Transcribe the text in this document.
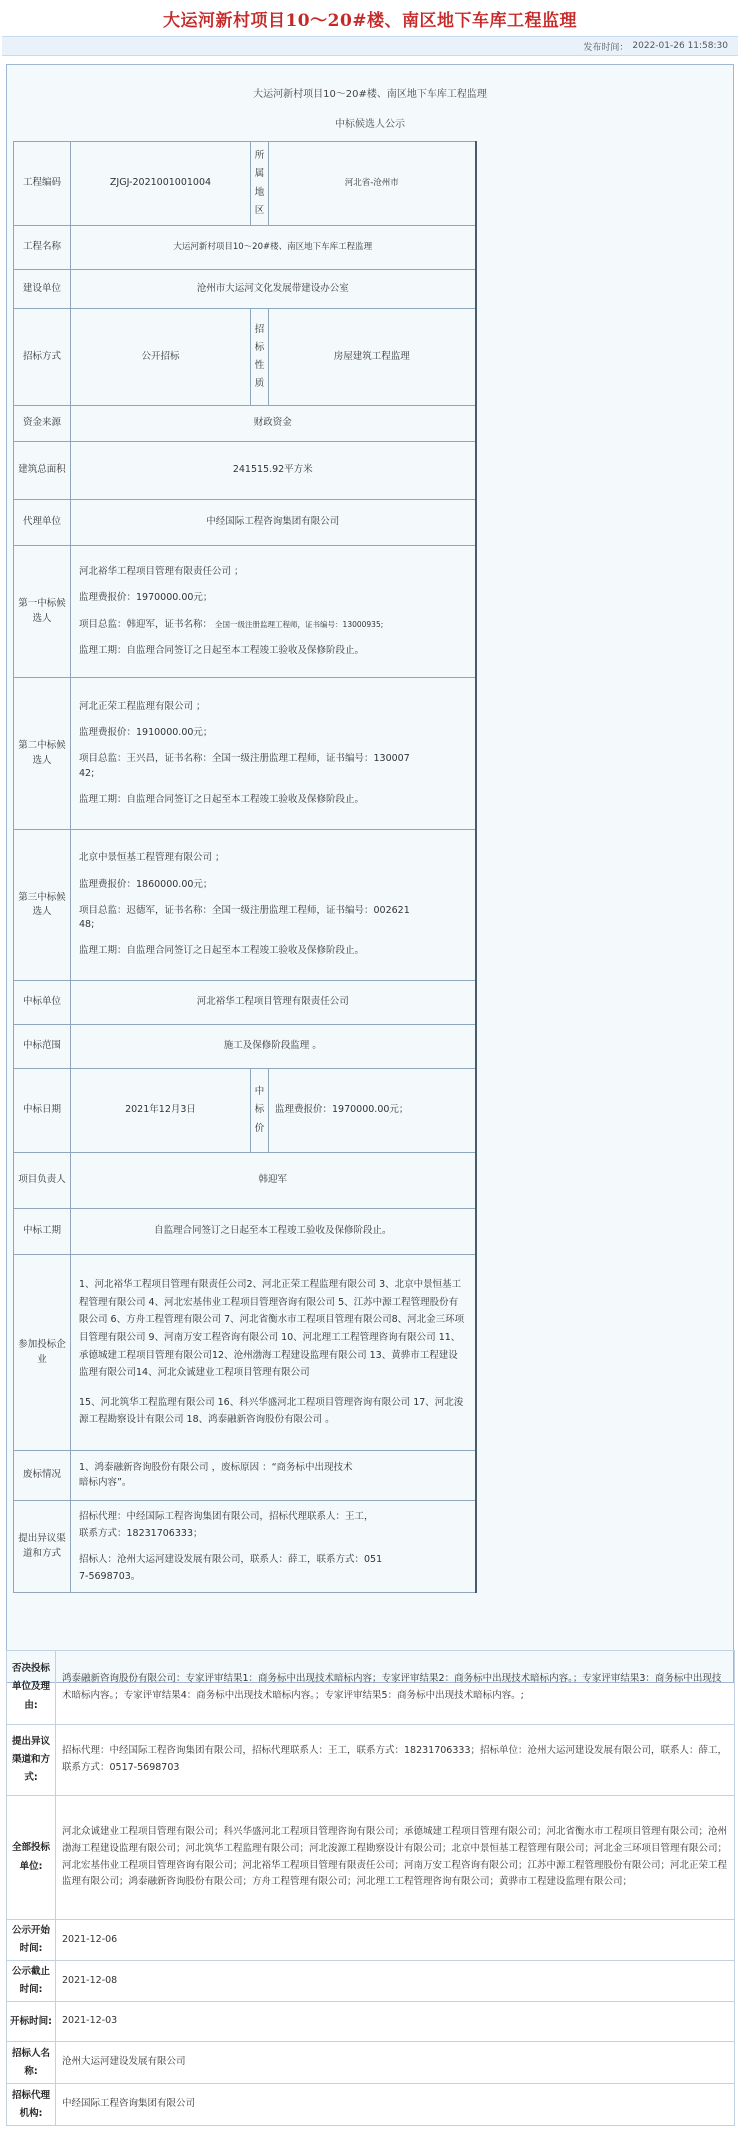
大运河新村项目10～20#楼、南区地下车库工程监理
发布时间： 2022-01-26 11:58:30
大运河新村项目10～20#楼、南区地下车库工程监理
中标候选人公示
工程编码	ZJGJ-2021001001004	所属地区	河北省-沧州市
工程名称	大运河新村项目10～20#楼、南区地下车库工程监理		
建设单位	沧州市大运河文化发展带建设办公室		
招标方式	公开招标	招标性质	房屋建筑工程监理
资金来源	财政资金		
建筑总面积	241515.92平方米		
代理单位	中经国际工程咨询集团有限公司		
第一中标候选人	河北裕华工程项目管理有限责任公司 ；

监理费报价：1970000.00元；

项目总监：韩迎军，证书名称： 全国一级注册监理工程师，证书编号：13000935;

监理工期：自监理合同签订之日起至本工程竣工验收及保修阶段止。		

第二中标候选人	河北正荣工程监理有限公司 ；

监理费报价：1910000.00元；

项目总监：王兴昌，证书名称：全国一级注册监理工程师，证书编号：130007
42;

监理工期：自监理合同签订之日起至本工程竣工验收及保修阶段止。		

第三中标候选人	北京中景恒基工程管理有限公司 ；

监理费报价：1860000.00元；

项目总监：迟德军，证书名称：全国一级注册监理工程师，证书编号：002621
48;

监理工期：自监理合同签订之日起至本工程竣工验收及保修阶段止。		

中标单位	河北裕华工程项目管理有限责任公司		
中标范围	施工及保修阶段监理 。		
中标日期	2021年12月3日	中标价	监理费报价：1970000.00元；
项目负责人	韩迎军		
中标工期	自监理合同签订之日起至本工程竣工验收及保修阶段止。		
参加投标企业	1、河北裕华工程项目管理有限责任公司2、河北正荣工程监理有限公司 3、北京中景恒基工程管理有限公司 4、河北宏基伟业工程项目管理咨询有限公司 5、江苏中源工程管理股份有限公司 6、方舟工程管理有限公司 7、河北省衡水市工程项目管理有限公司8、河北金三环项目管理有限公司 9、河南万安工程咨询有限公司 10、河北理工工程管理咨询有限公司 11、承德城建工程项目管理有限公司12、沧州渤海工程建设监理有限公司 13、黄骅市工程建设监理有限公司14、河北众诚建业工程项目管理有限公司

15、河北筑华工程监理有限公司 16、科兴华盛河北工程项目管理咨询有限公司 17、河北浚源工程勘察设计有限公司 18、鸿泰融新咨询股份有限公司 。		

废标情况	1、鸿泰融新咨询股份有限公司 ，废标原因 ：“商务标中出现技术
暗标内容”。		
提出异议渠道和方式	招标代理：中经国际工程咨询集团有限公司，招标代理联系人：王工，
联系方式：18231706333；

招标人：沧州大运河建设发展有限公司，联系人：薛工，联系方式：051
7-5698703。		
否决投标单位及理由:	鸿泰融新咨询股份有限公司：专家评审结果1：商务标中出现技术暗标内容；专家评审结果2：商务标中出现技术暗标内容。；专家评审结果3：商务标中出现技术暗标内容。；专家评审结果4：商务标中出现技术暗标内容。；专家评审结果5：商务标中出现技术暗标内容。;
提出异议渠道和方式:	招标代理：中经国际工程咨询集团有限公司，招标代理联系人：王工，联系方式：18231706333；招标单位：沧州大运河建设发展有限公司，联系人：薛工，联系方式：0517-5698703
全部投标单位:	河北众诚建业工程项目管理有限公司；科兴华盛河北工程项目管理咨询有限公司；承德城建工程项目管理有限公司；河北省衡水市工程项目管理有限公司；沧州渤海工程建设监理有限公司；河北筑华工程监理有限公司；河北浚源工程勘察设计有限公司；北京中景恒基工程管理有限公司；河北金三环项目管理有限公司；河北宏基伟业工程项目管理咨询有限公司；河北裕华工程项目管理有限责任公司；河南万安工程咨询有限公司；江苏中源工程管理股份有限公司；河北正荣工程监理有限公司；鸿泰融新咨询股份有限公司；方舟工程管理有限公司；河北理工工程管理咨询有限公司；黄骅市工程建设监理有限公司；
公示开始时间:	2021-12-06
公示截止时间:	2021-12-08
开标时间:	2021-12-03
招标人名称:	沧州大运河建设发展有限公司
招标代理机构:	中经国际工程咨询集团有限公司
